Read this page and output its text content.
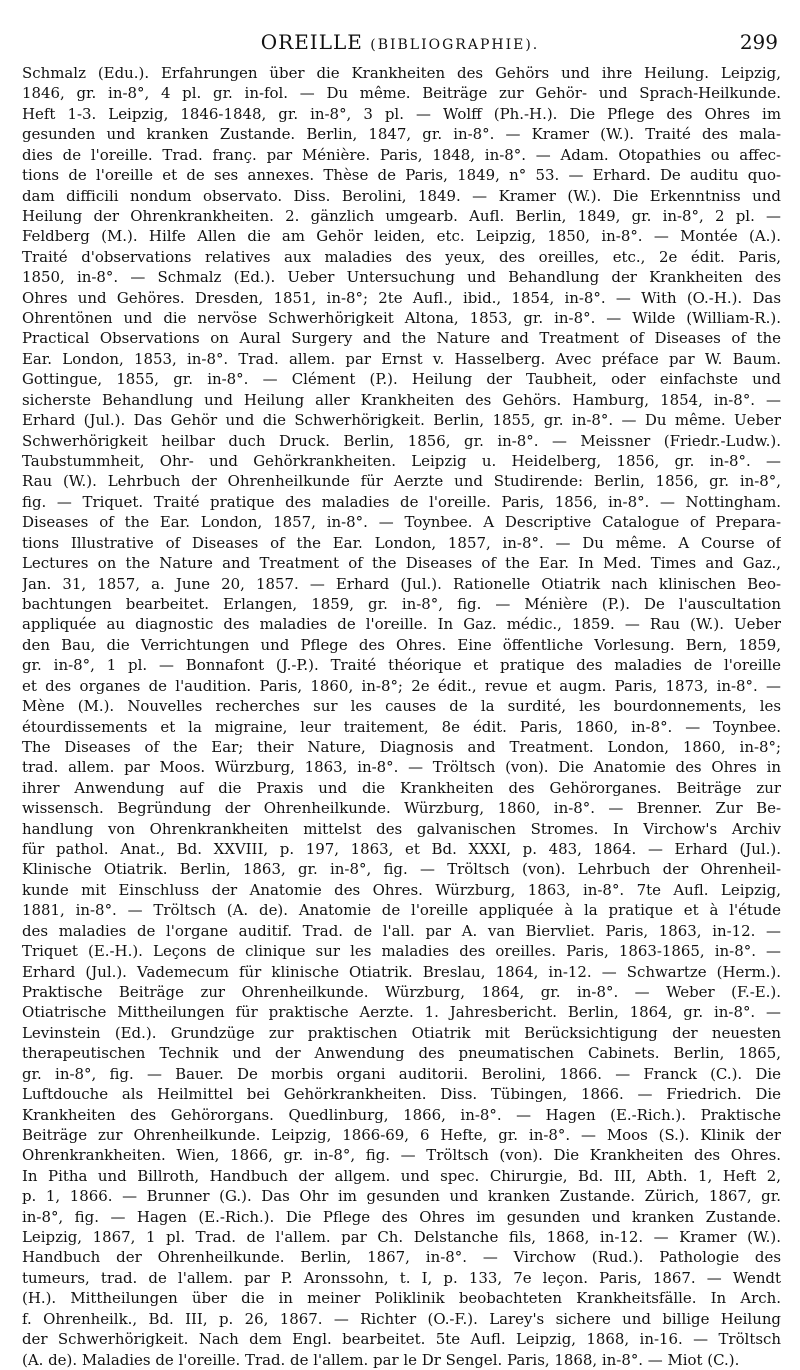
OREILLE (BIBLIOGRAPHIE).	299
Schmalz (Edu.). Erfahrungen über die Krankheiten des Gehörs und ihre Heilung. Leipzig,
1846, gr. in-8°, 4 pl. gr. in-fol. — Du même. Beiträge zur Gehör- und Sprach-Heilkunde.
Heft 1-3. Leipzig, 1846-1848, gr. in-8°, 3 pl. — Wolff (Ph.-H.). Die Pflege des Ohres im
gesunden und kranken Zustande. Berlin, 1847, gr. in-8°. — Kramer (W.). Traité des mala-
dies de l'oreille. Trad. franç. par Ménière. Paris, 1848, in-8°. — Adam. Otopathies ou affec-
tions de l'oreille et de ses annexes. Thèse de Paris, 1849, n° 53. — Erhard. De auditu quo-
dam difficili nondum observato. Diss. Berolini, 1849. — Kramer (W.). Die Erkenntniss und
Heilung der Ohrenkrankheiten. 2. gänzlich umgearb. Aufl. Berlin, 1849, gr. in-8°, 2 pl. —
Feldberg (M.). Hilfe Allen die am Gehör leiden, etc. Leipzig, 1850, in-8°. — Montée (A.).
Traité d'observations relatives aux maladies des yeux, des oreilles, etc., 2e édit. Paris,
1850, in-8°. — Schmalz (Ed.). Ueber Untersuchung und Behandlung der Krankheiten des
Ohres und Gehöres. Dresden, 1851, in-8°; 2te Aufl., ibid., 1854, in-8°. — With (O.-H.). Das
Ohrentönen und die nervöse Schwerhörigkeit Altona, 1853, gr. in-8°. — Wilde (William-R.).
Practical Observations on Aural Surgery and the Nature and Treatment of Diseases of the
Ear. London, 1853, in-8°. Trad. allem. par Ernst v. Hasselberg. Avec préface par W. Baum.
Gottingue, 1855, gr. in-8°. — Clément (P.). Heilung der Taubheit, oder einfachste und
sicherste Behandlung und Heilung aller Krankheiten des Gehörs. Hamburg, 1854, in-8°. —
Erhard (Jul.). Das Gehör und die Schwerhörigkeit. Berlin, 1855, gr. in-8°. — Du même. Ueber
Schwerhörigkeit heilbar duch Druck. Berlin, 1856, gr. in-8°. — Meissner (Friedr.-Ludw.).
Taubstummheit, Ohr- und Gehörkrankheiten. Leipzig u. Heidelberg, 1856, gr. in-8°. —
Rau (W.). Lehrbuch der Ohrenheilkunde für Aerzte und Studirende: Berlin, 1856, gr. in-8°,
fig. — Triquet. Traité pratique des maladies de l'oreille. Paris, 1856, in-8°. — Nottingham.
Diseases of the Ear. London, 1857, in-8°. — Toynbee. A Descriptive Catalogue of Prepara-
tions Illustrative of Diseases of the Ear. London, 1857, in-8°. — Du même. A Course of
Lectures on the Nature and Treatment of the Diseases of the Ear. In Med. Times and Gaz.,
Jan. 31, 1857, a. June 20, 1857. — Erhard (Jul.). Rationelle Otiatrik nach klinischen Beo-
bachtungen bearbeitet. Erlangen, 1859, gr. in-8°, fig. — Ménière (P.). De l'auscultation
appliquée au diagnostic des maladies de l'oreille. In Gaz. médic., 1859. — Rau (W.). Ueber
den Bau, die Verrichtungen und Pflege des Ohres. Eine öffentliche Vorlesung. Bern, 1859,
gr. in-8°, 1 pl. — Bonnafont (J.-P.). Traité théorique et pratique des maladies de l'oreille
et des organes de l'audition. Paris, 1860, in-8°; 2e édit., revue et augm. Paris, 1873, in-8°. —
Mène (M.). Nouvelles recherches sur les causes de la surdité, les bourdonnements, les
étourdissements et la migraine, leur traitement, 8e édit. Paris, 1860, in-8°. — Toynbee.
The Diseases of the Ear; their Nature, Diagnosis and Treatment. London, 1860, in-8°;
trad. allem. par Moos. Würzburg, 1863, in-8°. — Tröltsch (von). Die Anatomie des Ohres in
ihrer Anwendung auf die Praxis und die Krankheiten des Gehörorganes. Beiträge zur
wissensch. Begründung der Ohrenheilkunde. Würzburg, 1860, in-8°. — Brenner. Zur Be-
handlung von Ohrenkrankheiten mittelst des galvanischen Stromes. In Virchow's Archiv
für pathol. Anat., Bd. XXVIII, p. 197, 1863, et Bd. XXXI, p. 483, 1864. — Erhard (Jul.).
Klinische Otiatrik. Berlin, 1863, gr. in-8°, fig. — Tröltsch (von). Lehrbuch der Ohrenheil-
kunde mit Einschluss der Anatomie des Ohres. Würzburg, 1863, in-8°. 7te Aufl. Leipzig,
1881, in-8°. — Tröltsch (A. de). Anatomie de l'oreille appliquée à la pratique et à l'étude
des maladies de l'organe auditif. Trad. de l'all. par A. van Biervliet. Paris, 1863, in-12. —
Triquet (E.-H.). Leçons de clinique sur les maladies des oreilles. Paris, 1863-1865, in-8°. —
Erhard (Jul.). Vademecum für klinische Otiatrik. Breslau, 1864, in-12. — Schwartze (Herm.).
Praktische Beiträge zur Ohrenheilkunde. Würzburg, 1864, gr. in-8°. — Weber (F.-E.).
Otiatrische Mittheilungen für praktische Aerzte. 1. Jahresbericht. Berlin, 1864, gr. in-8°. —
Levinstein (Ed.). Grundzüge zur praktischen Otiatrik mit Berücksichtigung der neuesten
therapeutischen Technik und der Anwendung des pneumatischen Cabinets. Berlin, 1865,
gr. in-8°, fig. — Bauer. De morbis organi auditorii. Berolini, 1866. — Franck (C.). Die
Luftdouche als Heilmittel bei Gehörkrankheiten. Diss. Tübingen, 1866. — Friedrich. Die
Krankheiten des Gehörorgans. Quedlinburg, 1866, in-8°. — Hagen (E.-Rich.). Praktische
Beiträge zur Ohrenheilkunde. Leipzig, 1866-69, 6 Hefte, gr. in-8°. — Moos (S.). Klinik der
Ohrenkrankheiten. Wien, 1866, gr. in-8°, fig. — Tröltsch (von). Die Krankheiten des Ohres.
In Pitha und Billroth, Handbuch der allgem. und spec. Chirurgie, Bd. III, Abth. 1, Heft 2,
p. 1, 1866. — Brunner (G.). Das Ohr im gesunden und kranken Zustande. Zürich, 1867, gr.
in-8°, fig. — Hagen (E.-Rich.). Die Pflege des Ohres im gesunden und kranken Zustande.
Leipzig, 1867, 1 pl. Trad. de l'allem. par Ch. Delstanche fils, 1868, in-12. — Kramer (W.).
Handbuch der Ohrenheilkunde. Berlin, 1867, in-8°. — Virchow (Rud.). Pathologie des
tumeurs, trad. de l'allem. par P. Aronssohn, t. I, p. 133, 7e leçon. Paris, 1867. — Wendt
(H.). Mittheilungen über die in meiner Poliklinik beobachteten Krankheitsfälle. In Arch.
f. Ohrenheilk., Bd. III, p. 26, 1867. — Richter (O.-F.). Larey's sichere und billige Heilung
der Schwerhörigkeit. Nach dem Engl. bearbeitet. 5te Aufl. Leipzig, 1868, in-16. — Tröltsch
(A. de). Maladies de l'oreille. Trad. de l'allem. par le Dr Sengel. Paris, 1868, in-8°. — Miot (C.).
